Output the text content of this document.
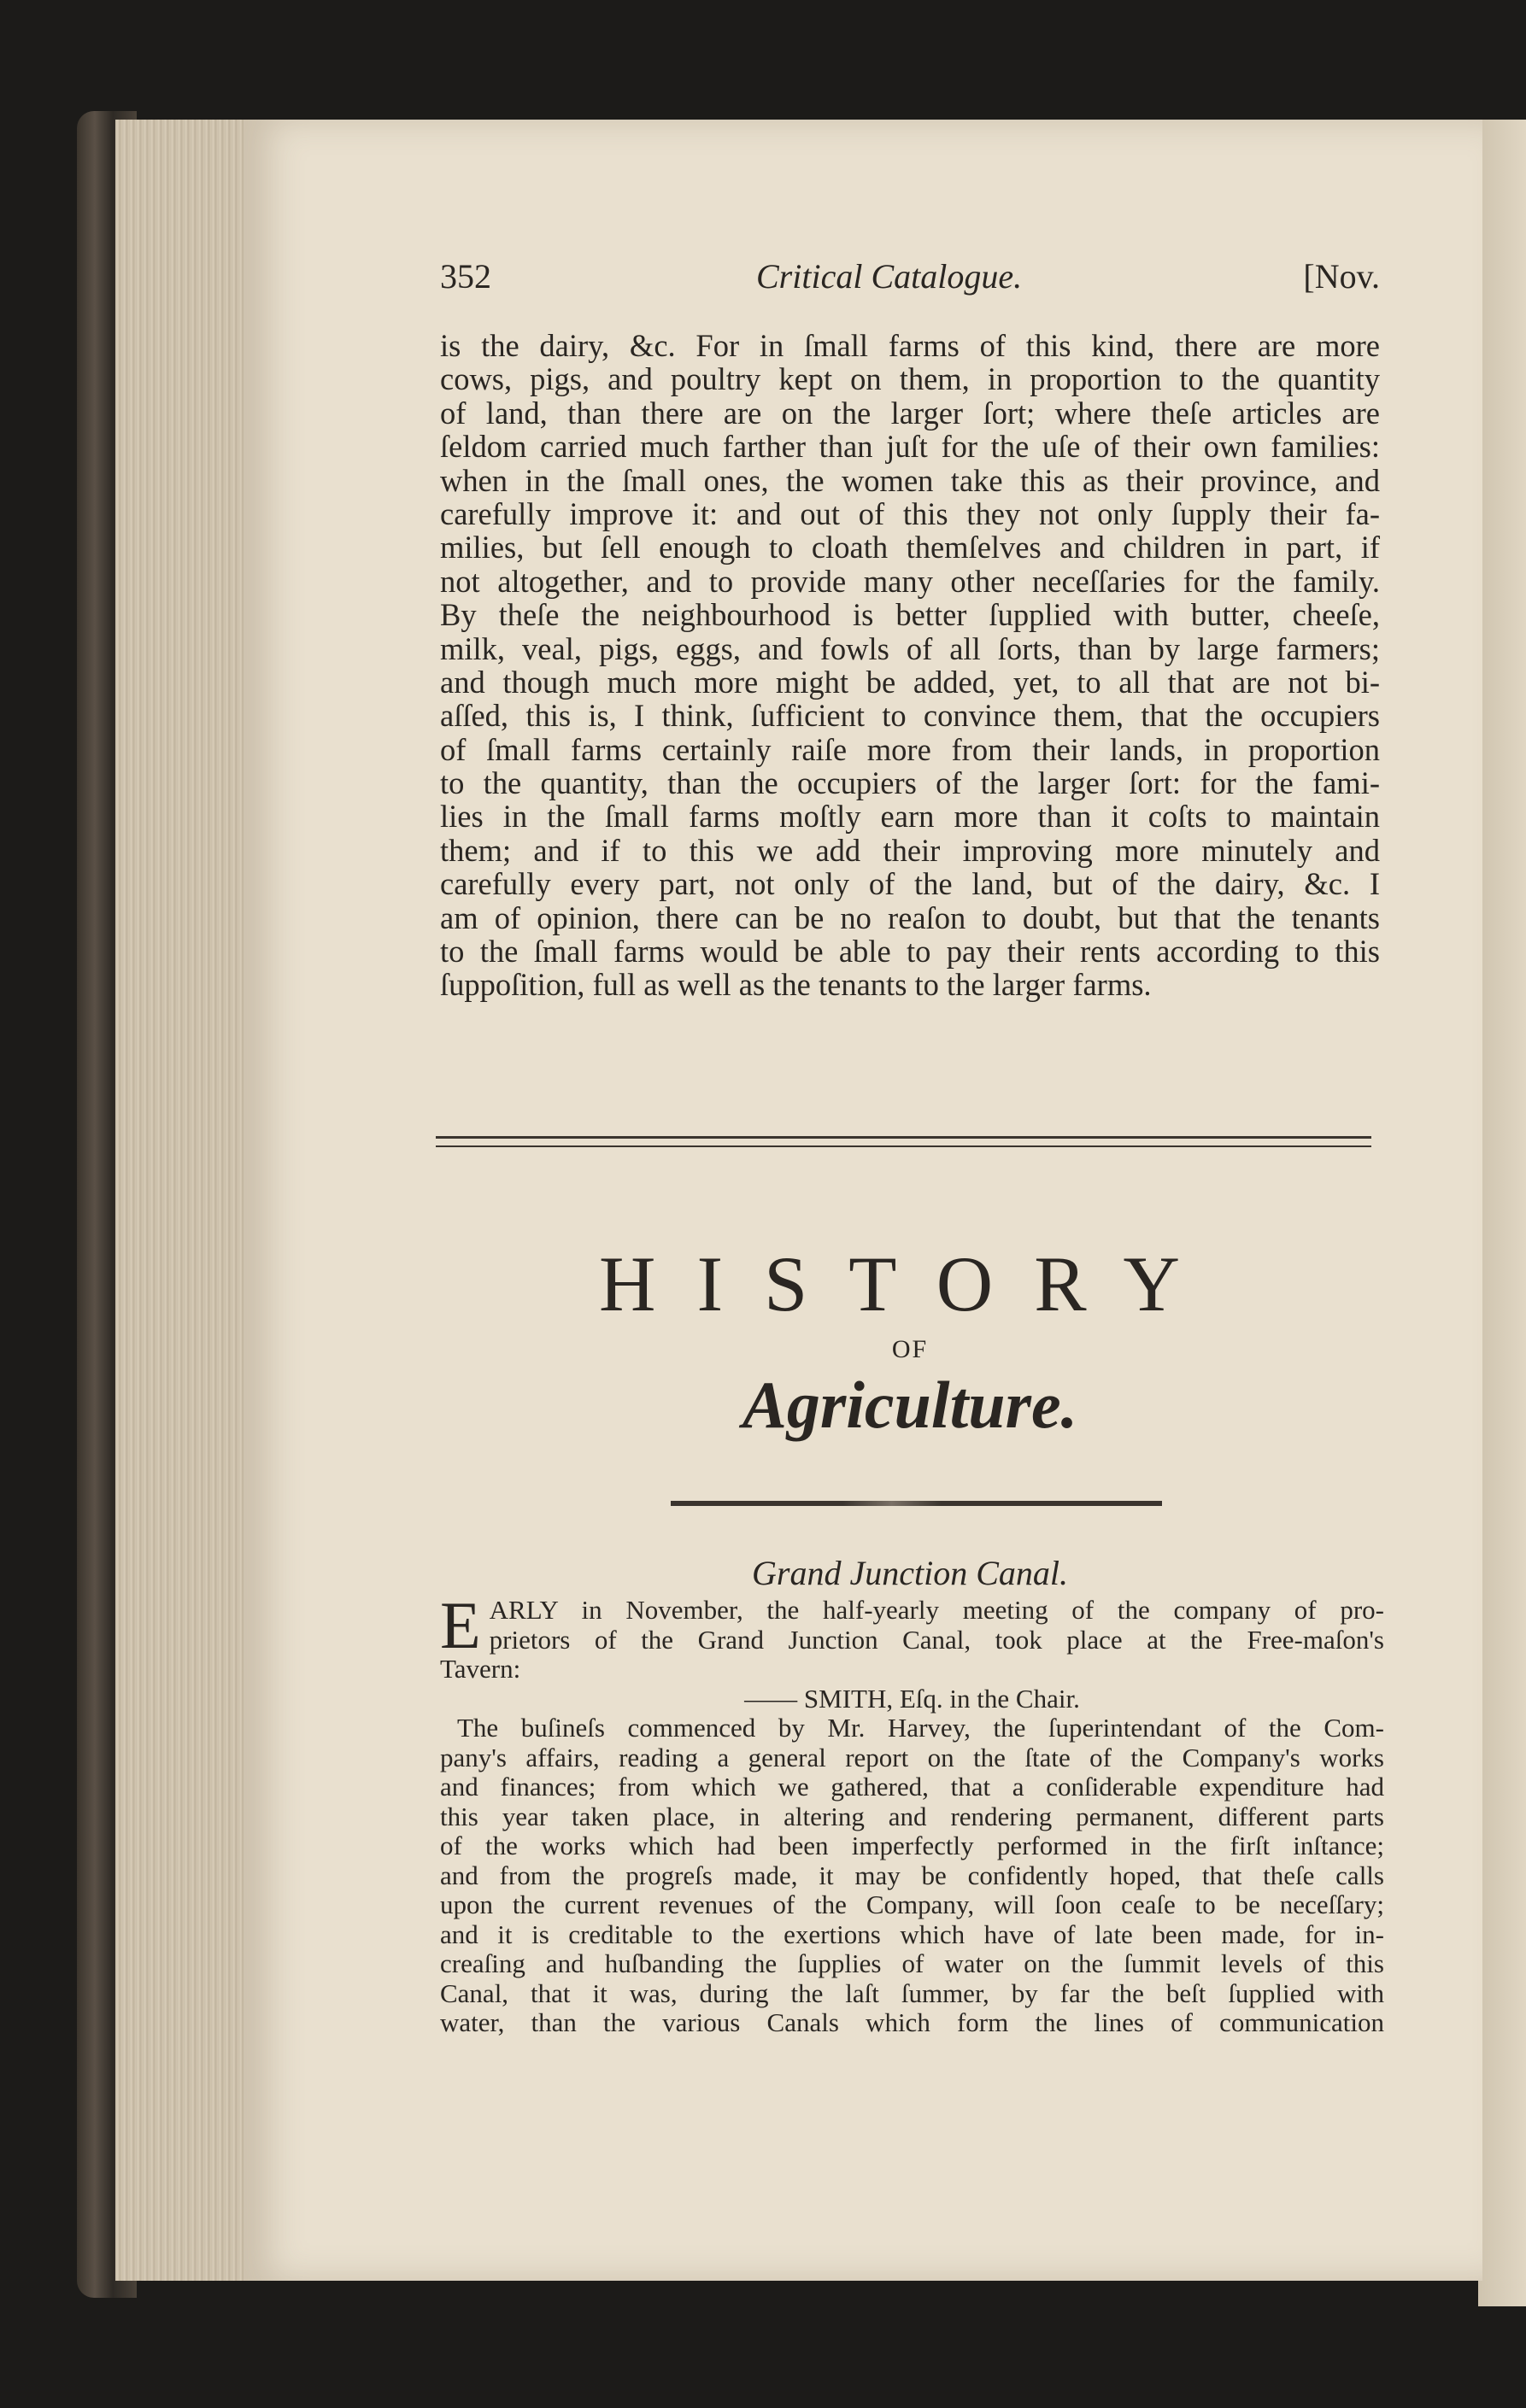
352	Critical Catalogue.	[Nov.
is the dairy, &c. For in ſmall farms of this kind, there are more
cows, pigs, and poultry kept on them, in proportion to the quantity
of land, than there are on the larger ſort; where theſe articles are
ſeldom carried much farther than juſt for the uſe of their own families:
when in the ſmall ones, the women take this as their province, and
carefully improve it: and out of this they not only ſupply their fa-
milies, but ſell enough to cloath themſelves and children in part, if
not altogether, and to provide many other neceſſaries for the family.
By theſe the neighbourhood is better ſupplied with butter, cheeſe,
milk, veal, pigs, eggs, and fowls of all ſorts, than by large farmers;
and though much more might be added, yet, to all that are not bi-
aſſed, this is, I think, ſufficient to convince them, that the occupiers
of ſmall farms certainly raiſe more from their lands, in proportion
to the quantity, than the occupiers of the larger ſort: for the fami-
lies in the ſmall farms moſtly earn more than it coſts to maintain
them; and if to this we add their improving more minutely and
carefully every part, not only of the land, but of the dairy, &c. I
am of opinion, there can be no reaſon to doubt, but that the tenants
to the ſmall farms would be able to pay their rents according to this
ſuppoſition, full as well as the tenants to the larger farms.
HISTORY
OF
Agriculture.
Grand Junction Canal.
E ARLY in November, the half-yearly meeting of the company of pro-
prietors of the Grand Junction Canal, took place at the Free-maſon's
Tavern:
—— SMITH, Eſq. in the Chair.
The buſineſs commenced by Mr. Harvey, the ſuperintendant of the Com-
pany's affairs, reading a general report on the ſtate of the Company's works
and finances; from which we gathered, that a conſiderable expenditure had
this year taken place, in altering and rendering permanent, different parts
of the works which had been imperfectly performed in the firſt inſtance;
and from the progreſs made, it may be confidently hoped, that theſe calls
upon the current revenues of the Company, will ſoon ceaſe to be neceſſary;
and it is creditable to the exertions which have of late been made, for in-
creaſing and huſbanding the ſupplies of water on the ſummit levels of this
Canal, that it was, during the laſt ſummer, by far the beſt ſupplied with
water, than the various Canals which form the lines of communication
